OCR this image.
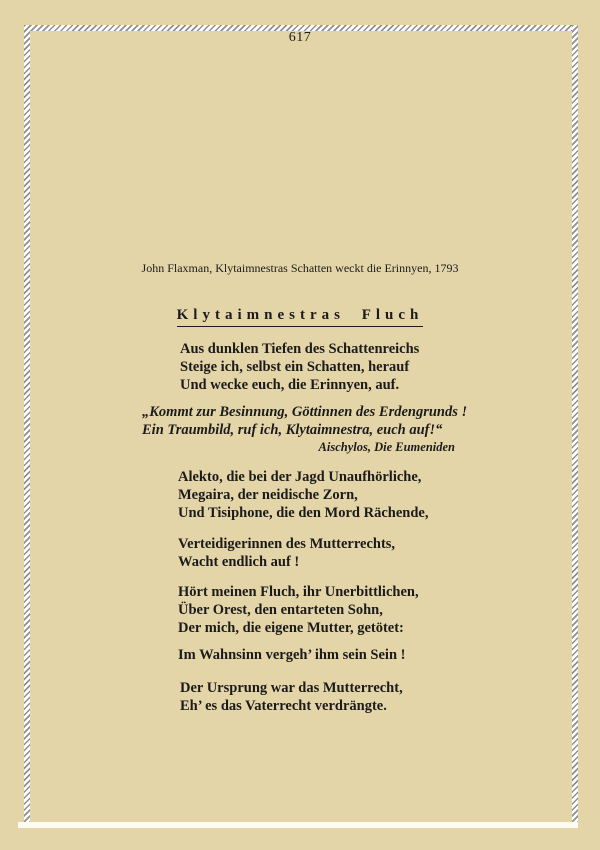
617
John Flaxman, Klytaimnestras Schatten weckt die Erinnyen, 1793
Klytaimnestras Fluch
Aus dunklen Tiefen des Schattenreichs
Steige ich, selbst ein Schatten, herauf
Und wecke euch, die Erinnyen, auf.
„Kommt zur Besinnung, Göttinnen des Erdengrunds !
Ein Traumbild, ruf ich, Klytaimnestra, euch auf!“
Aischylos, Die Eumeniden
Alekto, die bei der Jagd Unaufhörliche,
Megaira, der neidische Zorn,
Und Tisiphone, die den Mord Rächende,
Verteidigerinnen des Mutterrechts,
Wacht endlich auf !
Hört meinen Fluch, ihr Unerbittlichen,
Über Orest, den entarteten Sohn,
Der mich, die eigene Mutter, getötet:
Im Wahnsinn vergeh’ ihm sein Sein !
Der Ursprung war das Mutterrecht,
Eh’ es das Vaterrecht verdrängte.
